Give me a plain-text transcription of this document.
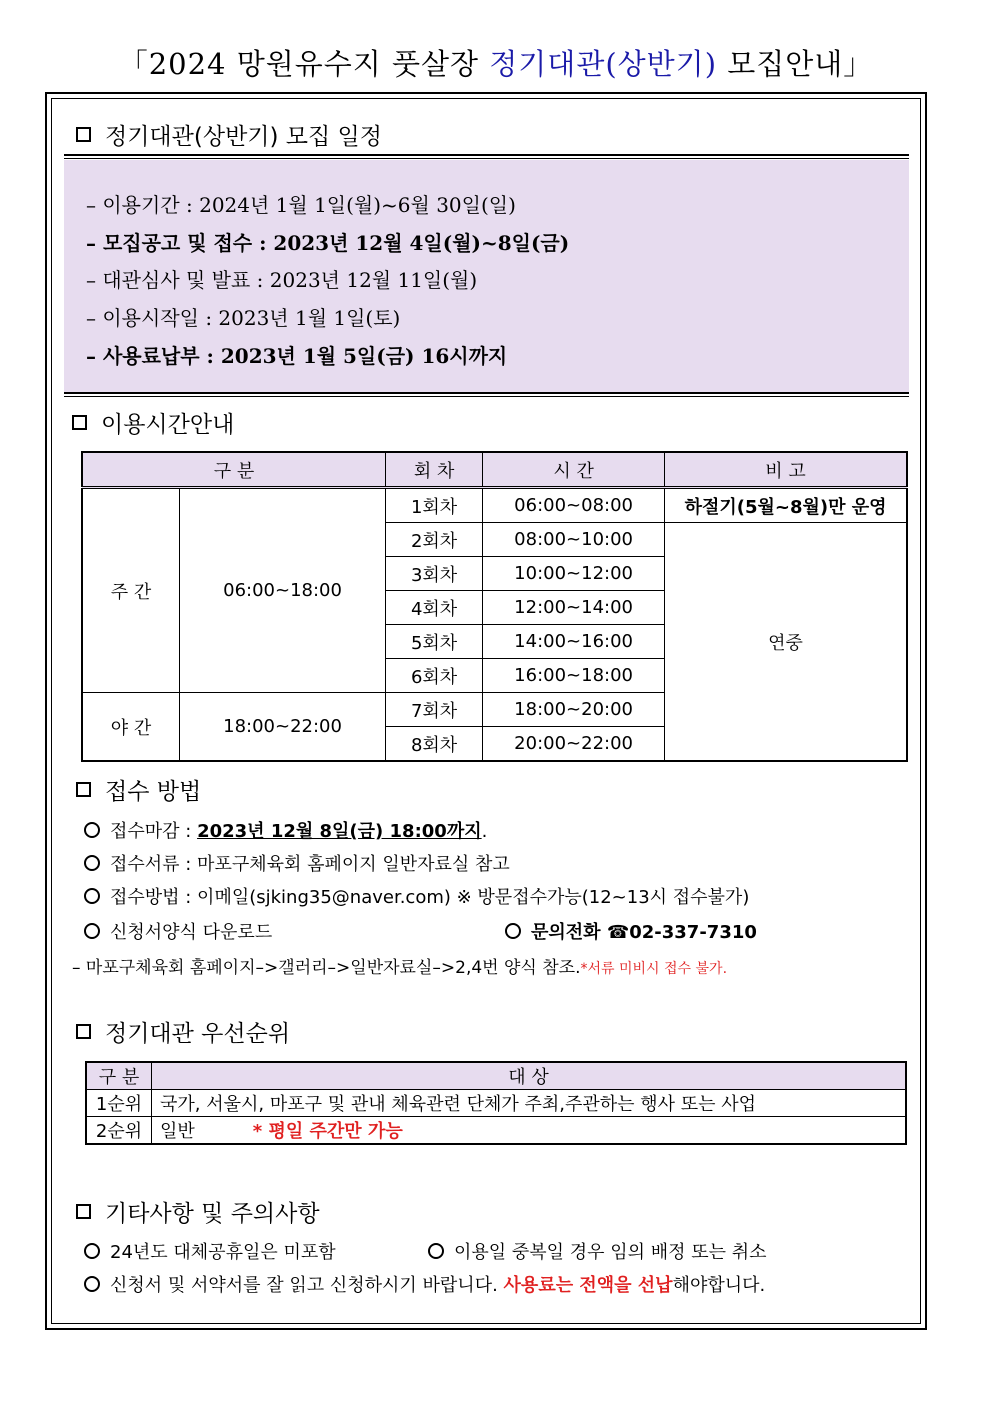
「2024 망원유수지 풋살장 정기대관(상반기) 모집안내」
정기대관(상반기) 모집 일정
– 이용기간 : 2024년 1월 1일(월)~6월 30일(일)
– 모집공고 및 접수 : 2023년 12월 4일(월)~8일(금)
– 대관심사 및 발표 : 2023년 12월 11일(월)
– 이용시작일 : 2023년 1월 1일(토)
– 사용료납부 : 2023년 1월 5일(금) 16시까지
이용시간안내
구 분		회 차	시 간	비 고
주 간	06:00~18:00	1회차	06:00~08:00	하절기(5월~8월)만 운영
		2회차	08:00~10:00	연중
		3회차	10:00~12:00	
		4회차	12:00~14:00	
		5회차	14:00~16:00	
		6회차	16:00~18:00	
야 간	18:00~22:00	7회차	18:00~20:00	
		8회차	20:00~22:00	
접수 방법
접수마감 : 2023년 12월 8일(금) 18:00까지.
접수서류 : 마포구체육회 홈페이지 일반자료실 참고
접수방법 : 이메일(sjking35@naver.com) ※ 방문접수가능(12~13시 접수불가)
신청서양식 다운로드	문의전화 ☎02-337-7310
– 마포구체육회 홈페이지–>갤러리–>일반자료실–>2,4번 양식 참조.*서류 미비시 접수 불가.
정기대관 우선순위
구 분	대 상
1순위	국가, 서울시, 마포구 및 관내 체육관련 단체가 주최,주관하는 행사 또는 사업
2순위	일반 * 평일 주간만 가능
기타사항 및 주의사항
24년도 대체공휴일은 미포함	이용일 중복일 경우 임의 배정 또는 취소
신청서 및 서약서를 잘 읽고 신청하시기 바랍니다. 사용료는 전액을 선납해야합니다.
